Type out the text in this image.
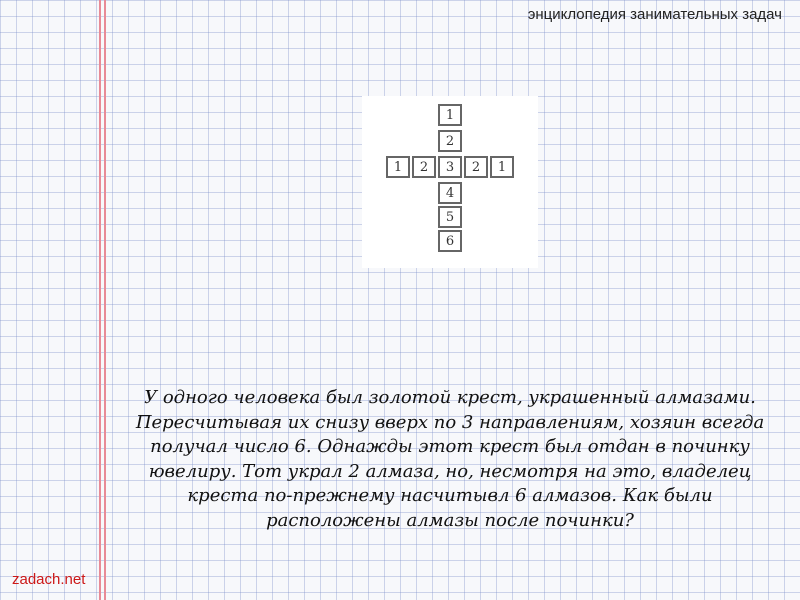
энциклопедия занимательных задач
1
2
1	2	3	2	1
4
5
6
У одного человека был золотой крест, украшенный алмазами. Пересчитывая их снизу вверх по 3 направлениям, хозяин всегда получал число 6. Однажды этот крест был отдан в починку ювелиру. Тот украл 2 алмаза, но, несмотря на это, владелец креста по-прежнему насчитывл 6 алмазов. Как были расположены алмазы после починки?
zadach.net
